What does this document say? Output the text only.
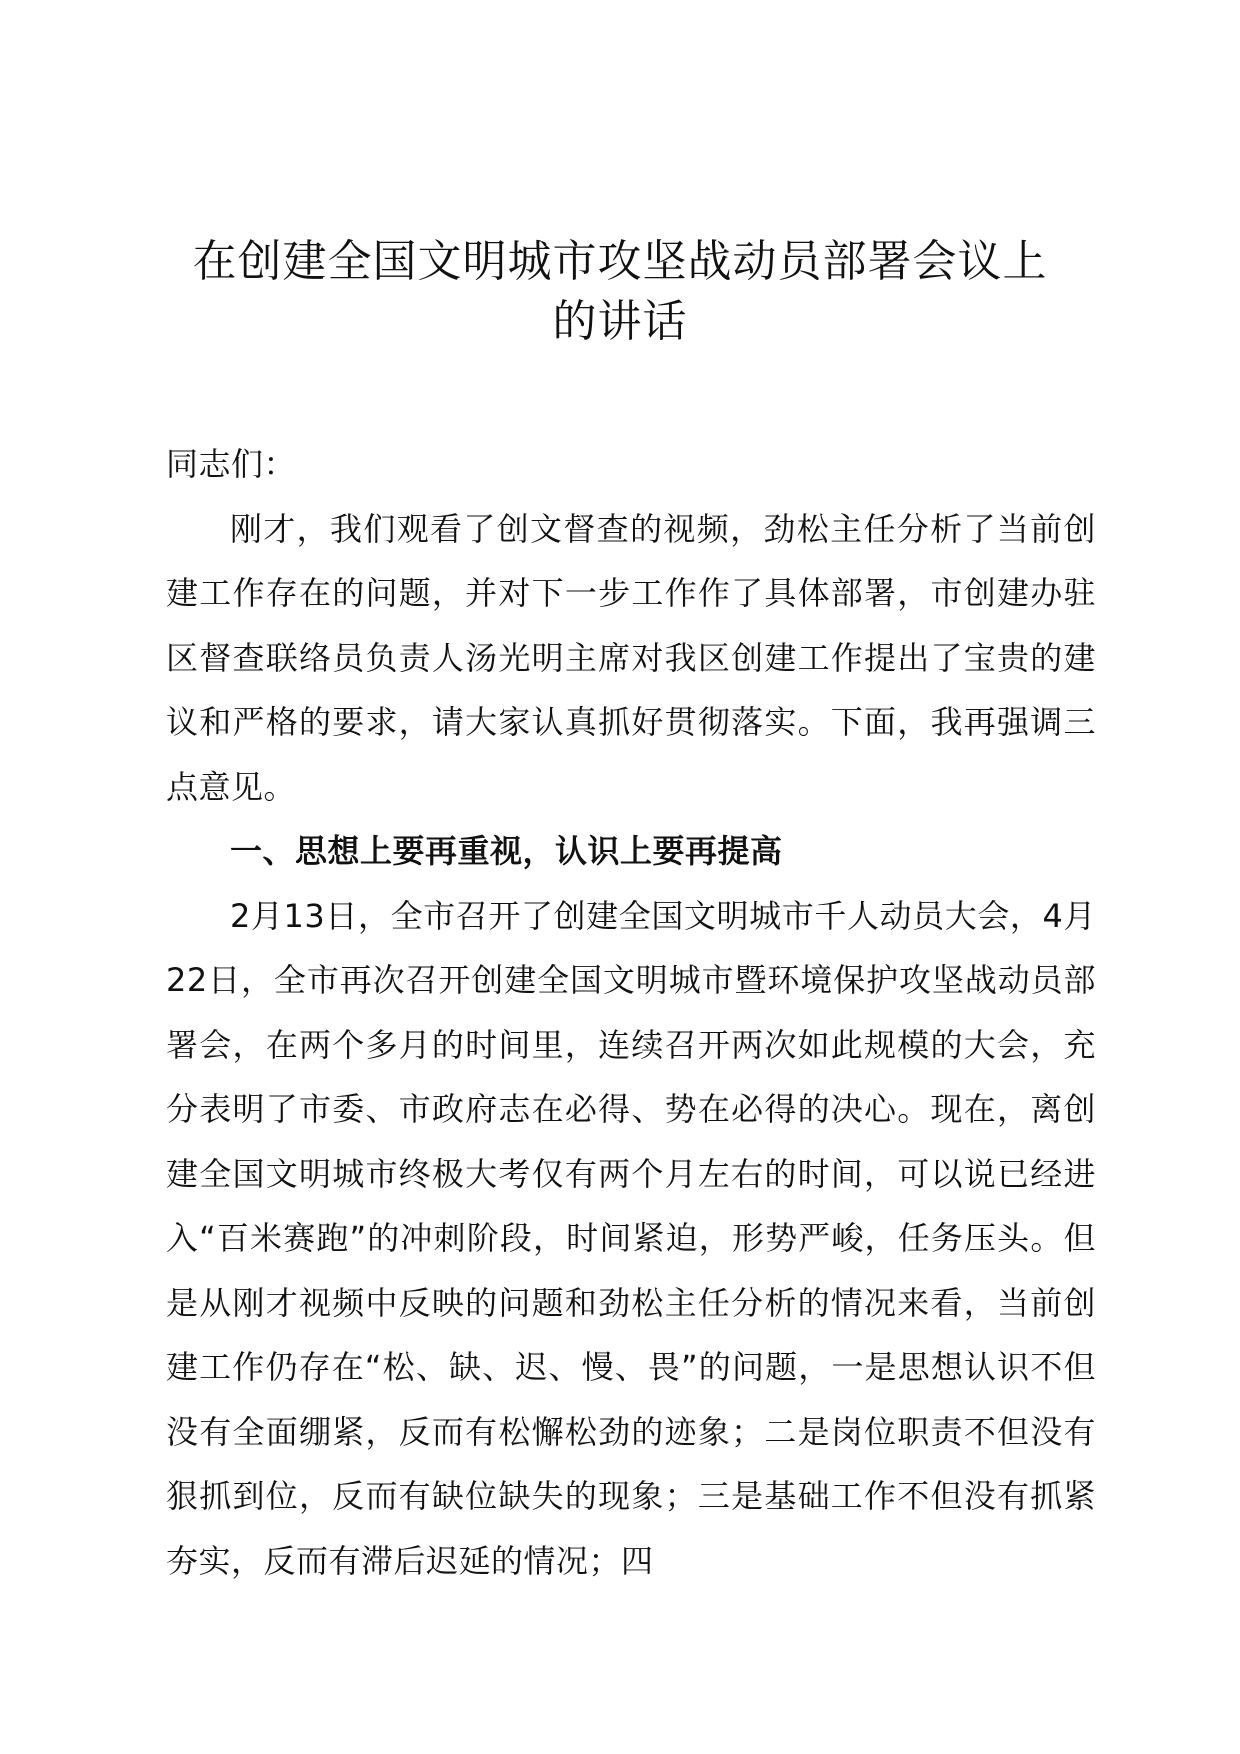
在创建全国文明城市攻坚战动员部署会议上
的讲话

同志们：

刚才，我们观看了创文督查的视频，劲松主任分析了当前创建工作存在的问题，并对下一步工作作了具体部署，市创建办驻区督查联络员负责人汤光明主席对我区创建工作提出了宝贵的建议和严格的要求，请大家认真抓好贯彻落实。下面，我再强调三点意见。

一、思想上要再重视，认识上要再提高

2月13日，全市召开了创建全国文明城市千人动员大会，4月22日，全市再次召开创建全国文明城市暨环境保护攻坚战动员部署会，在两个多月的时间里，连续召开两次如此规模的大会，充分表明了市委、市政府志在必得、势在必得的决心。现在，离创建全国文明城市终极大考仅有两个月左右的时间，可以说已经进入“百米赛跑”的冲刺阶段，时间紧迫，形势严峻，任务压头。但是从刚才视频中反映的问题和劲松主任分析的情况来看，当前创建工作仍存在“松、缺、迟、慢、畏”的问题，一是思想认识不但没有全面绷紧，反而有松懈松劲的迹象；二是岗位职责不但没有狠抓到位，反而有缺位缺失的现象；三是基础工作不但没有抓紧夯实，反而有滞后迟延的情况；四
